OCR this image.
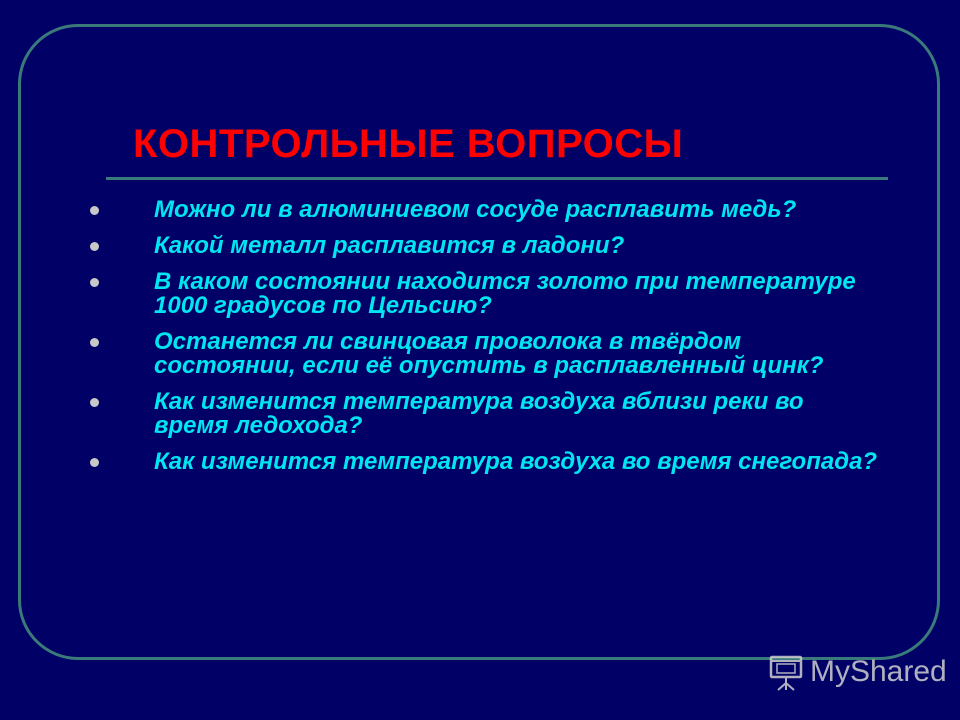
КОНТРОЛЬНЫЕ ВОПРОСЫ
Можно ли в алюминиевом сосуде расплавить медь?
Какой металл расплавится в ладони?
В каком состоянии находится золото при температуре 1000 градусов по Цельсию?
Останется ли свинцовая проволока в твёрдом состоянии, если её опустить в расплавленный цинк?
Как изменится температура воздуха вблизи реки во время ледохода?
Как изменится температура воздуха во время снегопада?
MyShared
